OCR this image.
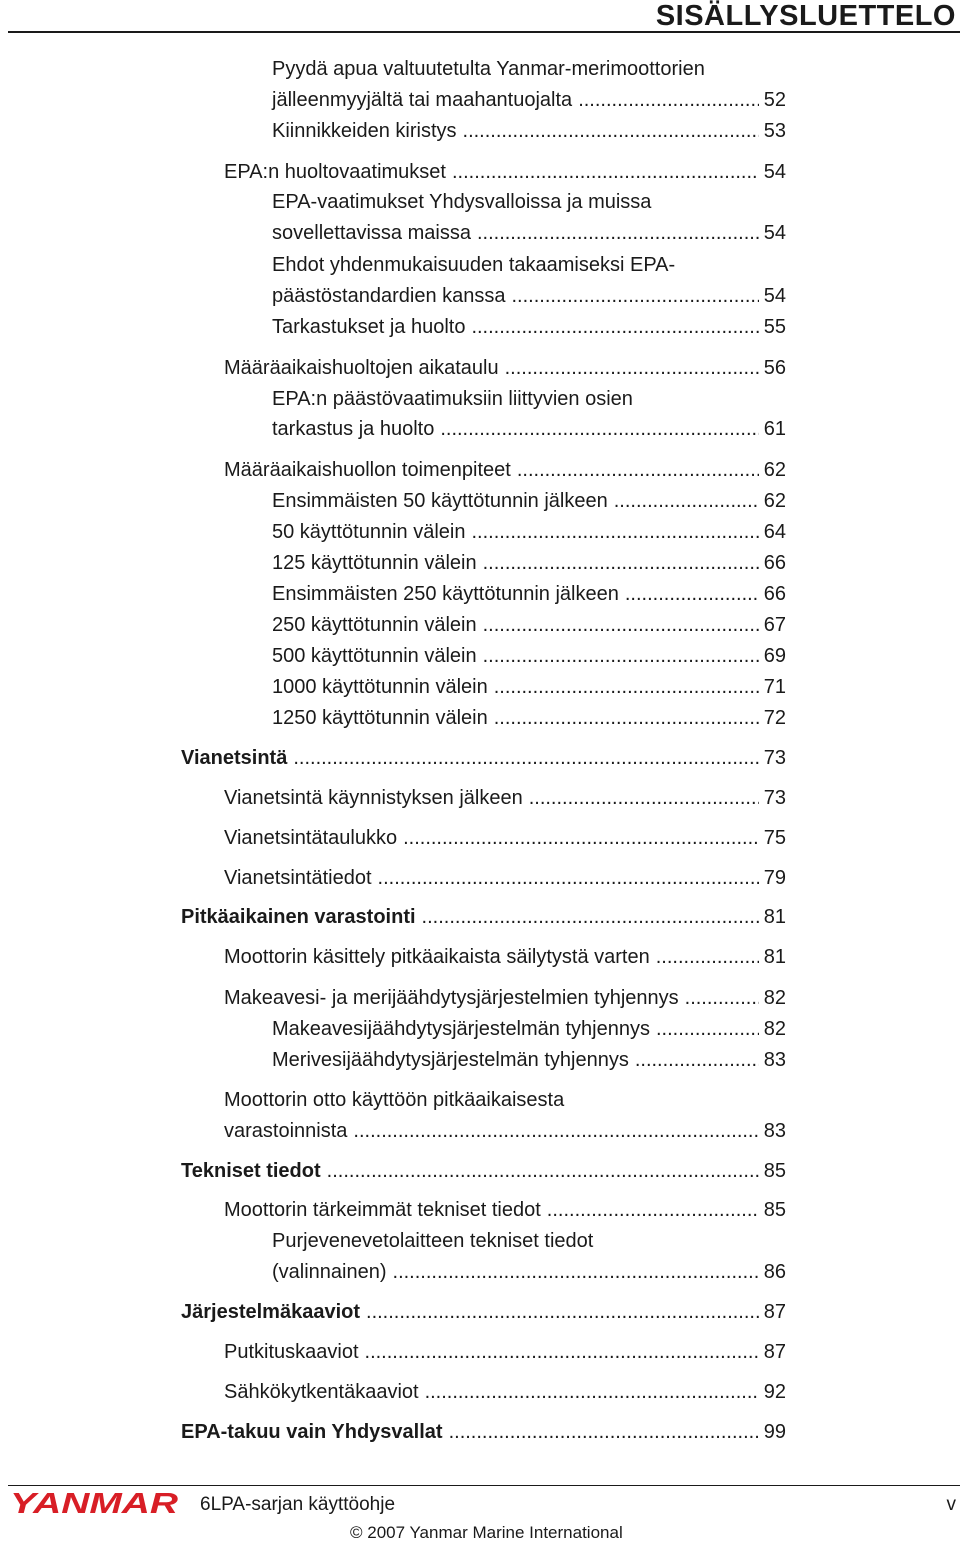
SISÄLLYSLUETTELO
Pyydä apua valtuutetulta Yanmar-merimoottorien
jälleenmyyjältä tai maahantuojalta .....	52
Kiinnikkeiden kiristys .....	53
EPA:n huoltovaatimukset .....	54
EPA-vaatimukset Yhdysvalloissa ja muissa
sovellettavissa maissa .....	54
Ehdot yhdenmukaisuuden takaamiseksi EPA-
päästöstandardien kanssa .....	54
Tarkastukset ja huolto .....	55
Määräaikaishuoltojen aikataulu .....	56
EPA:n päästövaatimuksiin liittyvien osien
tarkastus ja huolto .....	61
Määräaikaishuollon toimenpiteet .....	62
Ensimmäisten 50 käyttötunnin jälkeen .....	62
50 käyttötunnin välein .....	64
125 käyttötunnin välein .....	66
Ensimmäisten 250 käyttötunnin jälkeen .....	66
250 käyttötunnin välein .....	67
500 käyttötunnin välein .....	69
1000 käyttötunnin välein .....	71
1250 käyttötunnin välein .....	72
Vianetsintä .....	73
Vianetsintä käynnistyksen jälkeen .....	73
Vianetsintätaulukko .....	75
Vianetsintätiedot .....	79
Pitkäaikainen varastointi .....	81
Moottorin käsittely pitkäaikaista säilytystä varten .....	81
Makeavesi- ja merijäähdytysjärjestelmien tyhjennys .....	82
Makeavesijäähdytysjärjestelmän tyhjennys .....	82
Merivesijäähdytysjärjestelmän tyhjennys .....	83
Moottorin otto käyttöön pitkäaikaisesta
varastoinnista .....	83
Tekniset tiedot .....	85
Moottorin tärkeimmät tekniset tiedot .....	85
Purjevenevetolaitteen tekniset tiedot
(valinnainen) .....	86
Järjestelmäkaaviot .....	87
Putkituskaaviot .....	87
Sähkökytkentäkaaviot .....	92
EPA-takuu vain Yhdysvallat .....	99
YANMAR 6LPA-sarjan käyttöohje	v
© 2007 Yanmar Marine International
